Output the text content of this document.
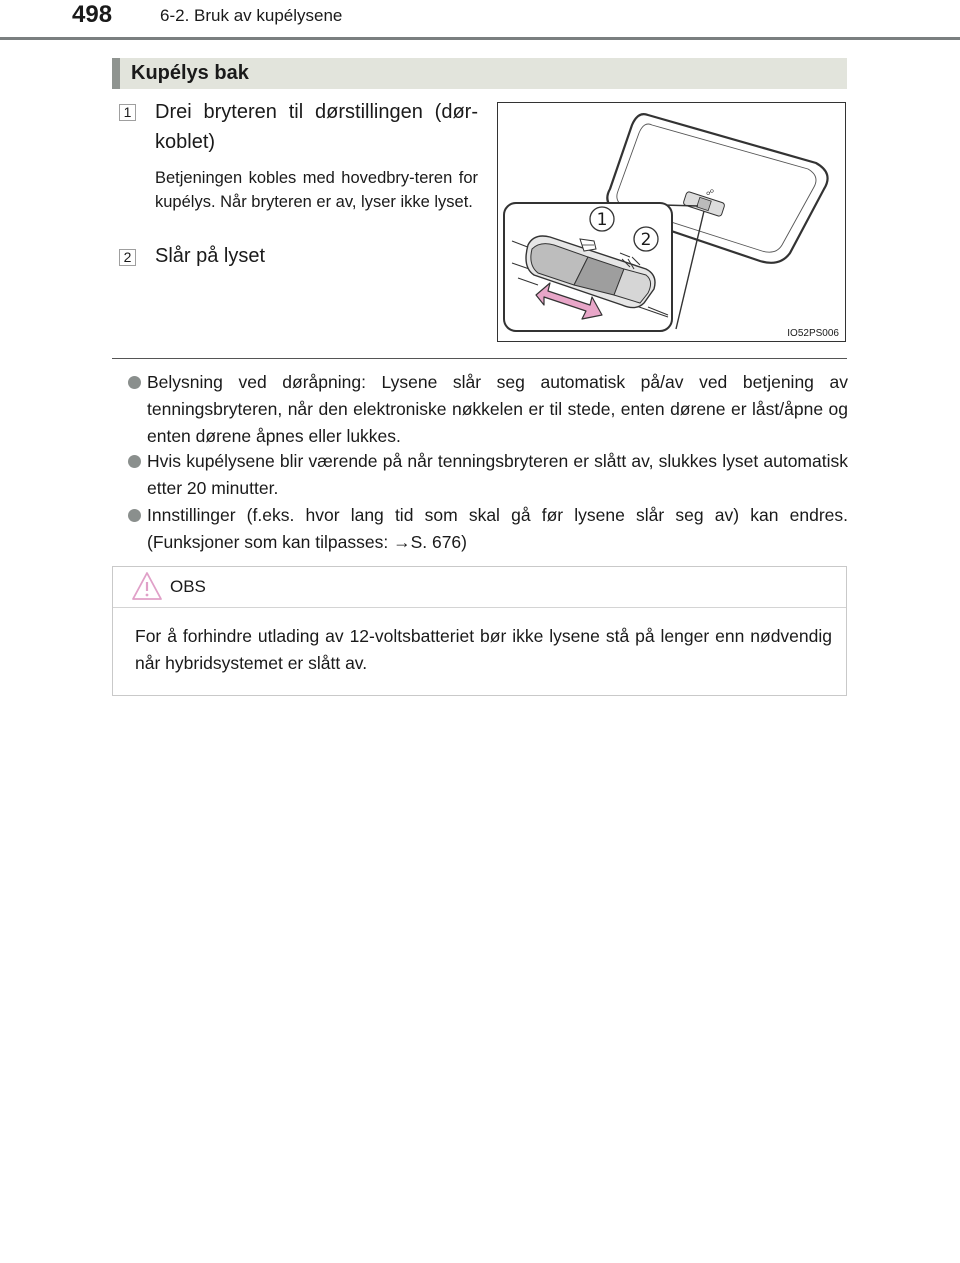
498	6-2. Bruk av kupélysene
Kupélys bak
1 Drei bryteren til dørstillingen (dør-koblet)
Betjeningen kobles med hovedbry-teren for kupélys. Når bryteren er av, lyser ikke lyset.
2 Slår på lyset
☍
1
2
IO52PS006
Belysning ved døråpning: Lysene slår seg automatisk på/av ved betjening av tenningsbryteren, når den elektroniske nøkkelen er til stede, enten dørene er låst/åpne og enten dørene åpnes eller lukkes.
Hvis kupélysene blir værende på når tenningsbryteren er slått av, slukkes lyset automatisk etter 20 minutter.
Innstillinger (f.eks. hvor lang tid som skal gå før lysene slår seg av) kan endres. (Funksjoner som kan tilpasses: →S. 676)
OBS
For å forhindre utlading av 12-voltsbatteriet bør ikke lysene stå på lenger enn nødvendig når hybridsystemet er slått av.
